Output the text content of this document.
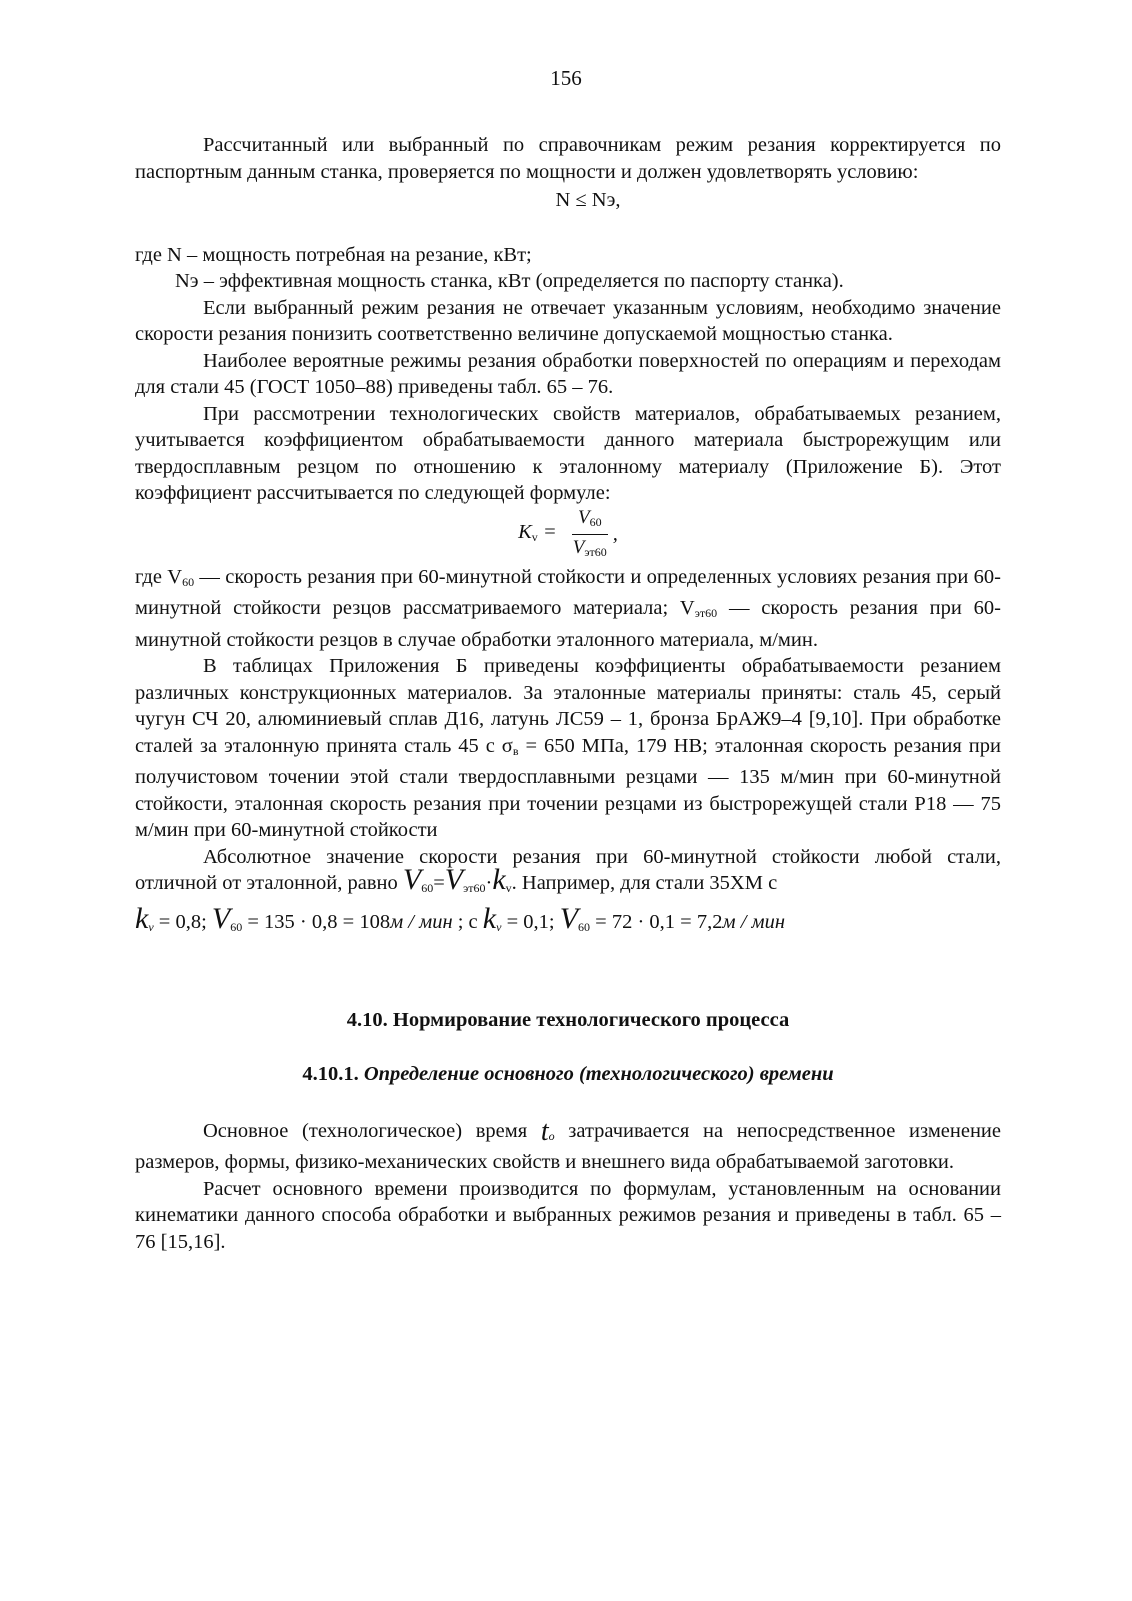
156

Рассчитанный или выбранный по справочникам режим резания корректируется по паспортным данным станка, проверяется по мощности и должен удовлетворять условию:

N ≤ Nэ,

где N – мощность потребная на резание, кВт;

Nэ – эффективная мощность станка, кВт (определяется по паспорту станка).

Если выбранный режим резания не отвечает указанным условиям, необходимо значение скорости резания понизить соответственно величине допускаемой мощностью станка.

Наиболее вероятные режимы резания обработки поверхностей по операциям и переходам для стали 45 (ГОСТ 1050–88) приведены табл. 65 – 76.

При рассмотрении технологических свойств материалов, обрабатываемых резанием, учитывается коэффициентом обрабатываемости данного материала быстрорежущим или твердосплавным резцом по отношению к эталонному материалу (Приложение Б). Этот коэффициент рассчитывается по следующей формуле:

$K_v = \frac{V_{60}}{V_{эт60}}$ ,

где $V_{60}$ — скорость резания при 60-минутной стойкости и определенных условиях резания при 60-минутной стойкости резцов рассматриваемого материала; $V_{эт60}$ — скорость резания при 60-минутной стойкости резцов в случае обработки эталонного материала, м/мин.

В таблицах Приложения Б приведены коэффициенты обрабатываемости резанием различных конструкционных материалов. За эталонные материалы приняты: сталь 45, серый чугун СЧ 20, алюминиевый сплав Д16, латунь ЛС59 – 1, бронза БрАЖ9–4 [9,10]. При обработке сталей за эталонную принята сталь 45 с $\sigma_в = 650$ МПа, 179 НВ; эталонная скорость резания при получистовом точении этой стали твердосплавными резцами — 135 м/мин при 60-минутной стойкости, эталонная скорость резания при точении резцами из быстрорежущей стали Р18 — 75 м/мин при 60-минутной стойкости

Абсолютное значение скорости резания при 60-минутной стойкости любой стали, отличной от эталонной, равно $V_{60}=V_{эт60}\cdot k_v$. Например, для стали 35ХМ с

$k_v = 0,8$; $V_{60} = 135 \cdot 0,8 = 108м$ / мин ; с $k_v = 0,1$; $V_{60} = 72 \cdot 0,1 = 7,2м$ / мин

4.10. Нормирование технологического процесса
4.10.1. Определение основного (технологического) времени

Основное (технологическое) время $t_о$ затрачивается на непосредственное изменение размеров, формы, физико-механических свойств и внешнего вида обрабатываемой заготовки.

Расчет основного времени производится по формулам, установленным на основании кинематики данного способа обработки и выбранных режимов резания и приведены в табл. 65 – 76 [15,16].
